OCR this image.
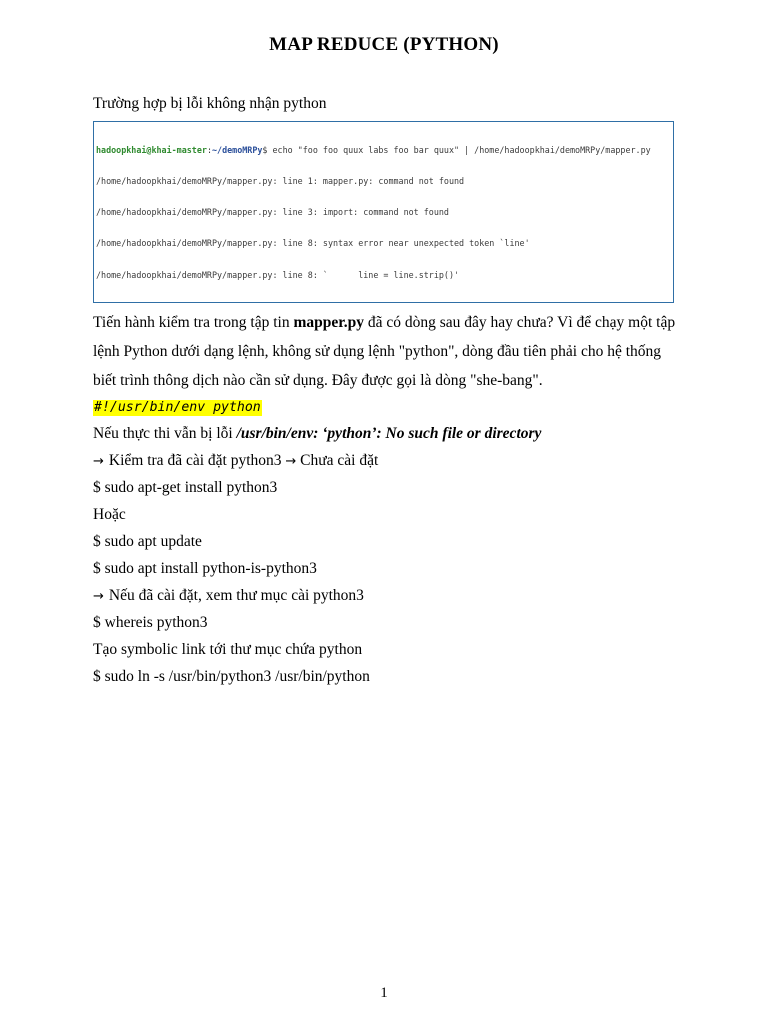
MAP REDUCE (PYTHON)

Trường hợp bị lỗi không nhận python

hadoopkhai@khai-master:~/demoMRPy$ echo "foo foo quux labs foo bar quux" | /home/hadoopkhai/demoMRPy/mapper.py

/home/hadoopkhai/demoMRPy/mapper.py: line 1: mapper.py: command not found

/home/hadoopkhai/demoMRPy/mapper.py: line 3: import: command not found

/home/hadoopkhai/demoMRPy/mapper.py: line 8: syntax error near unexpected token `line'

/home/hadoopkhai/demoMRPy/mapper.py: line 8: `      line = line.strip()'

Tiến hành kiểm tra trong tập tin mapper.py đã có dòng sau đây hay chưa? Vì để chạy một tập lệnh Python dưới dạng lệnh, không sử dụng lệnh "python", dòng đầu tiên phải cho hệ thống biết trình thông dịch nào cần sử dụng. Đây được gọi là dòng "she-bang".

#!/usr/bin/env python
Nếu thực thi vẫn bị lỗi /usr/bin/env: ‘python’: No such file or directory
→ Kiểm tra đã cài đặt python3 → Chưa cài đặt
$ sudo apt-get install python3
Hoặc
$ sudo apt update
$ sudo apt install python-is-python3
→ Nếu đã cài đặt, xem thư mục cài python3
$ whereis python3
Tạo symbolic link tới thư mục chứa python
$ sudo ln -s /usr/bin/python3 /usr/bin/python
1
